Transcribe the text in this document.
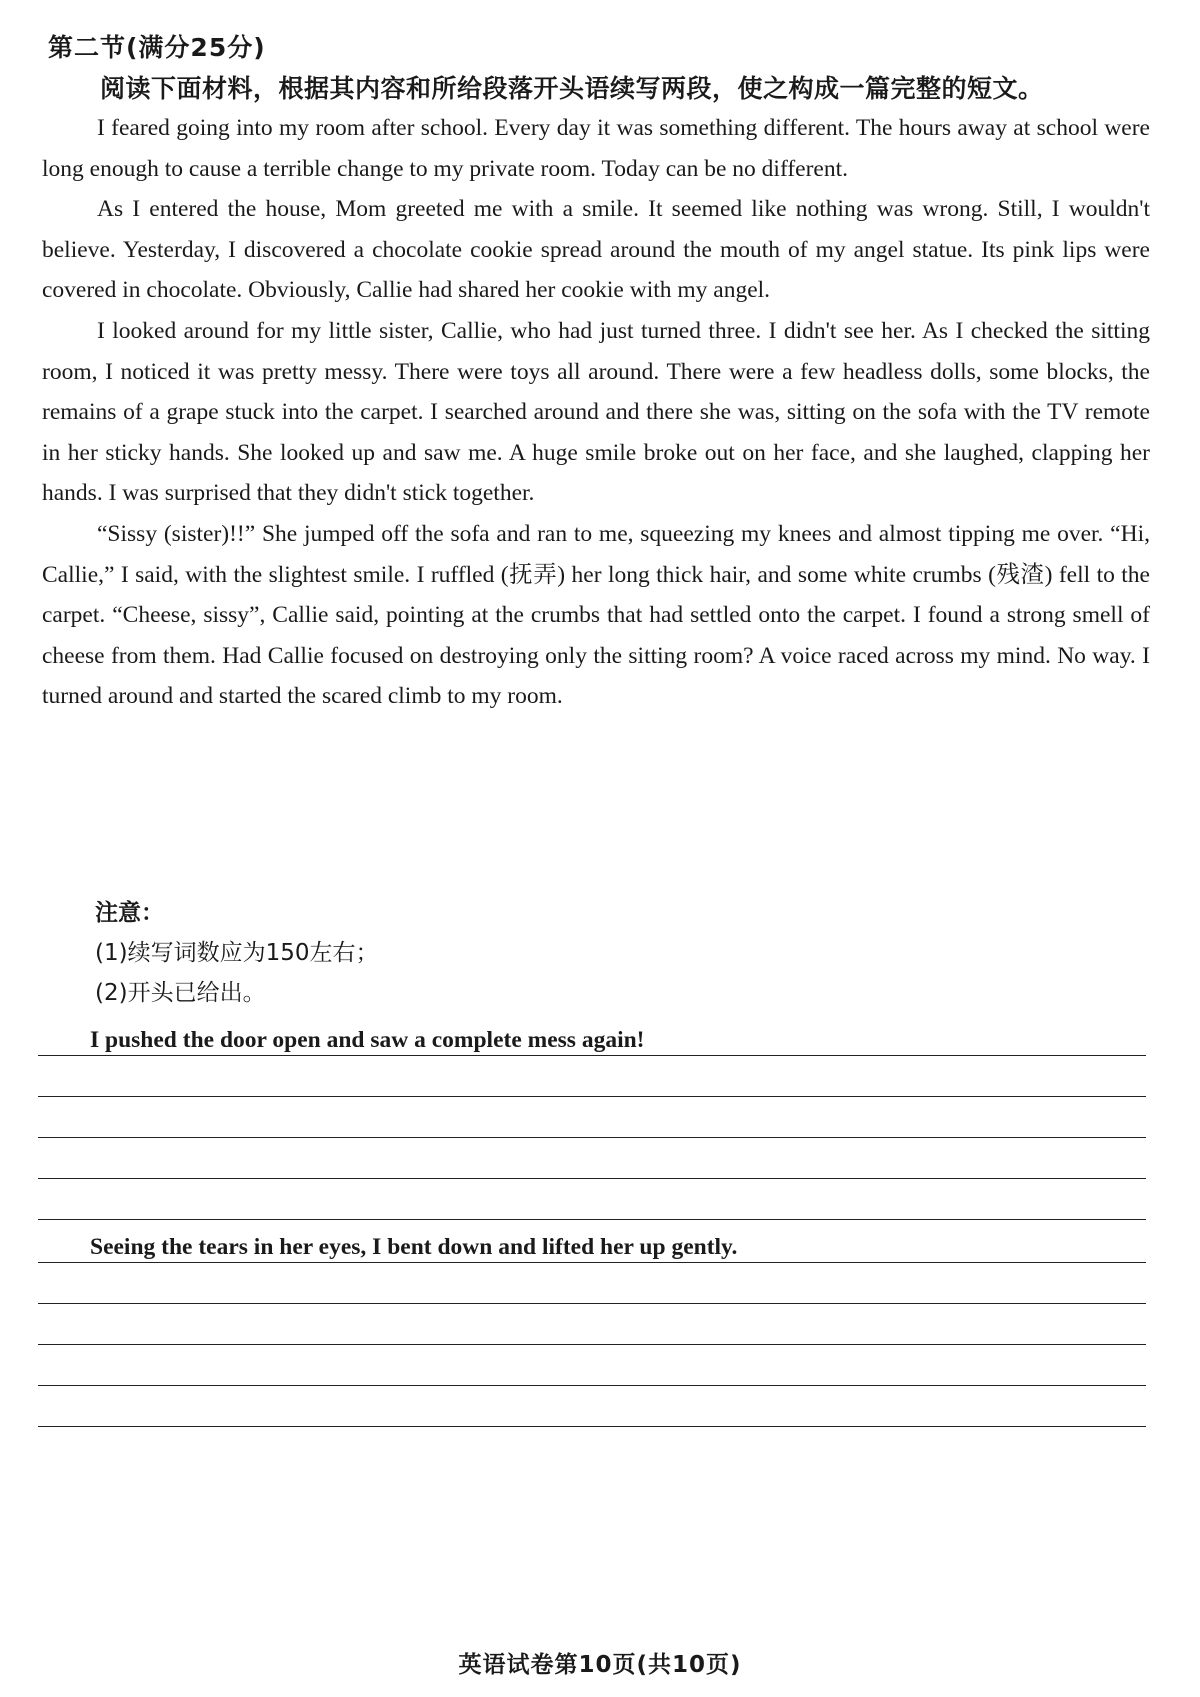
第二节(满分25分)
阅读下面材料，根据其内容和所给段落开头语续写两段，使之构成一篇完整的短文。

I feared going into my room after school. Every day it was something different. The hours away at school were long enough to cause a terrible change to my private room. Today can be no different.

As I entered the house, Mom greeted me with a smile. It seemed like nothing was wrong. Still, I wouldn't believe. Yesterday, I discovered a chocolate cookie spread around the mouth of my angel statue. Its pink lips were covered in chocolate. Obviously, Callie had shared her cookie with my angel.

I looked around for my little sister, Callie, who had just turned three. I didn't see her. As I checked the sitting room, I noticed it was pretty messy. There were toys all around. There were a few headless dolls, some blocks, the remains of a grape stuck into the carpet. I searched around and there she was, sitting on the sofa with the TV remote in her sticky hands. She looked up and saw me. A huge smile broke out on her face, and she laughed, clapping her hands. I was surprised that they didn't stick together.

“Sissy (sister)!!” She jumped off the sofa and ran to me, squeezing my knees and almost tipping me over. “Hi, Callie,” I said, with the slightest smile. I ruffled (抚弄) her long thick hair, and some white crumbs (残渣) fell to the carpet. “Cheese, sissy”, Callie said, pointing at the crumbs that had settled onto the carpet. I found a strong smell of cheese from them. Had Callie focused on destroying only the sitting room? A voice raced across my mind. No way. I turned around and started the scared climb to my room.

注意：
(1)续写词数应为150左右；
(2)开头已给出。
I pushed the door open and saw a complete mess again!
Seeing the tears in her eyes, I bent down and lifted her up gently.
英语试卷第10页(共10页)
